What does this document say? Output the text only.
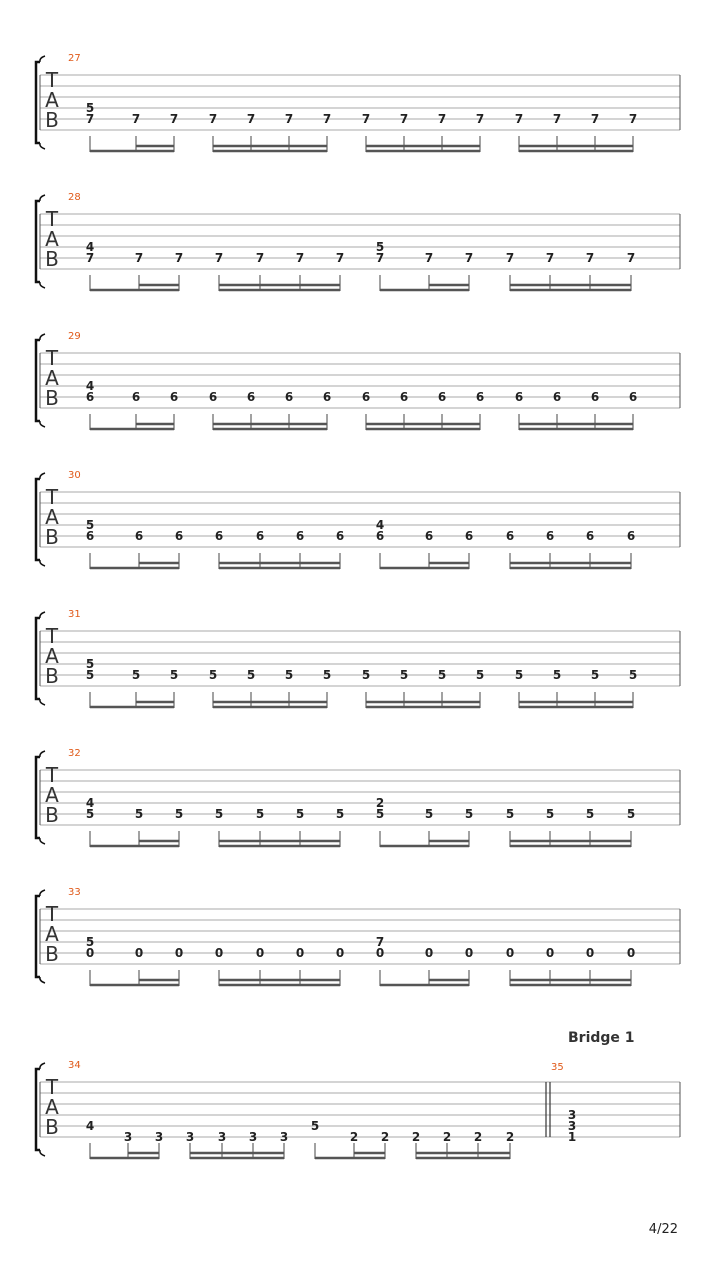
T
A
B
27
7
5
7 7	7 7 7 7	7 7 7 7	7 7 7 7
T
A
B
28
7
4
7	7	7	7	7	7	7
5
7	7	7	7	7	7
T
A
B
29
6
4
6 6	6 6 6 6	6 6 6 6	6 6 6 6
T
A
B
30
6
5
6	6	6	6	6	6	6
4
6	6	6	6	6	6
T
A
B
31
5
5
5 5	5 5 5 5	5 5 5 5	5 5 5 5
T
A
B
32
5
4
5	5	5	5	5	5	5
2
5	5	5	5	5	5
T
A
B
33
0
5
0	0	0	0	0	0	0
7
0	0	0	0	0	0
T
A
B
34
4
3 3 3 3 3 3
5
2 2 2 2 2 2
35
Bridge 1
3
3
1
4/22
